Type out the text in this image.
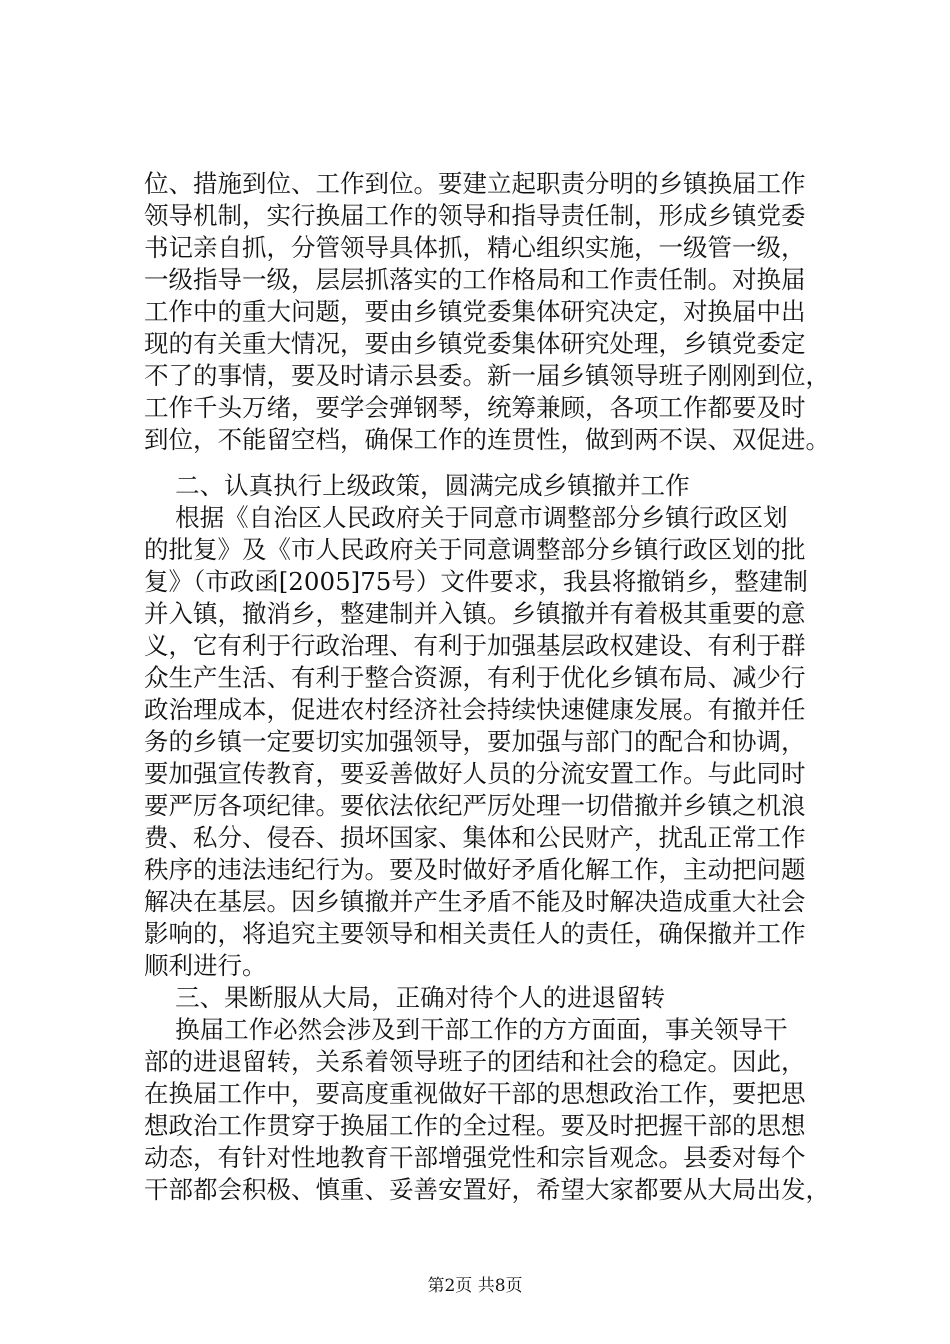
位、措施到位、工作到位。要建立起职责分明的乡镇换届工作
领导机制，实行换届工作的领导和指导责任制，形成乡镇党委
书记亲自抓，分管领导具体抓，精心组织实施，一级管一级，
一级指导一级，层层抓落实的工作格局和工作责任制。对换届
工作中的重大问题，要由乡镇党委集体研究决定，对换届中出
现的有关重大情况，要由乡镇党委集体研究处理，乡镇党委定
不了的事情，要及时请示县委。新一届乡镇领导班子刚刚到位，
工作千头万绪，要学会弹钢琴，统筹兼顾，各项工作都要及时
到位，不能留空档，确保工作的连贯性，做到两不误、双促进。
二、认真执行上级政策，圆满完成乡镇撤并工作
根据《自治区人民政府关于同意市调整部分乡镇行政区划
的批复》及《市人民政府关于同意调整部分乡镇行政区划的批
复》（市政函[2005]75号）文件要求，我县将撤销乡，整建制
并入镇，撤消乡，整建制并入镇。乡镇撤并有着极其重要的意
义，它有利于行政治理、有利于加强基层政权建设、有利于群
众生产生活、有利于整合资源，有利于优化乡镇布局、减少行
政治理成本，促进农村经济社会持续快速健康发展。有撤并任
务的乡镇一定要切实加强领导，要加强与部门的配合和协调，
要加强宣传教育，要妥善做好人员的分流安置工作。与此同时
要严厉各项纪律。要依法依纪严厉处理一切借撤并乡镇之机浪
费、私分、侵吞、损坏国家、集体和公民财产，扰乱正常工作
秩序的违法违纪行为。要及时做好矛盾化解工作，主动把问题
解决在基层。因乡镇撤并产生矛盾不能及时解决造成重大社会
影响的，将追究主要领导和相关责任人的责任，确保撤并工作
顺利进行。
三、果断服从大局，正确对待个人的进退留转
换届工作必然会涉及到干部工作的方方面面，事关领导干
部的进退留转，关系着领导班子的团结和社会的稳定。因此，
在换届工作中，要高度重视做好干部的思想政治工作，要把思
想政治工作贯穿于换届工作的全过程。要及时把握干部的思想
动态，有针对性地教育干部增强党性和宗旨观念。县委对每个
干部都会积极、慎重、妥善安置好，希望大家都要从大局出发，
第2页 共8页
